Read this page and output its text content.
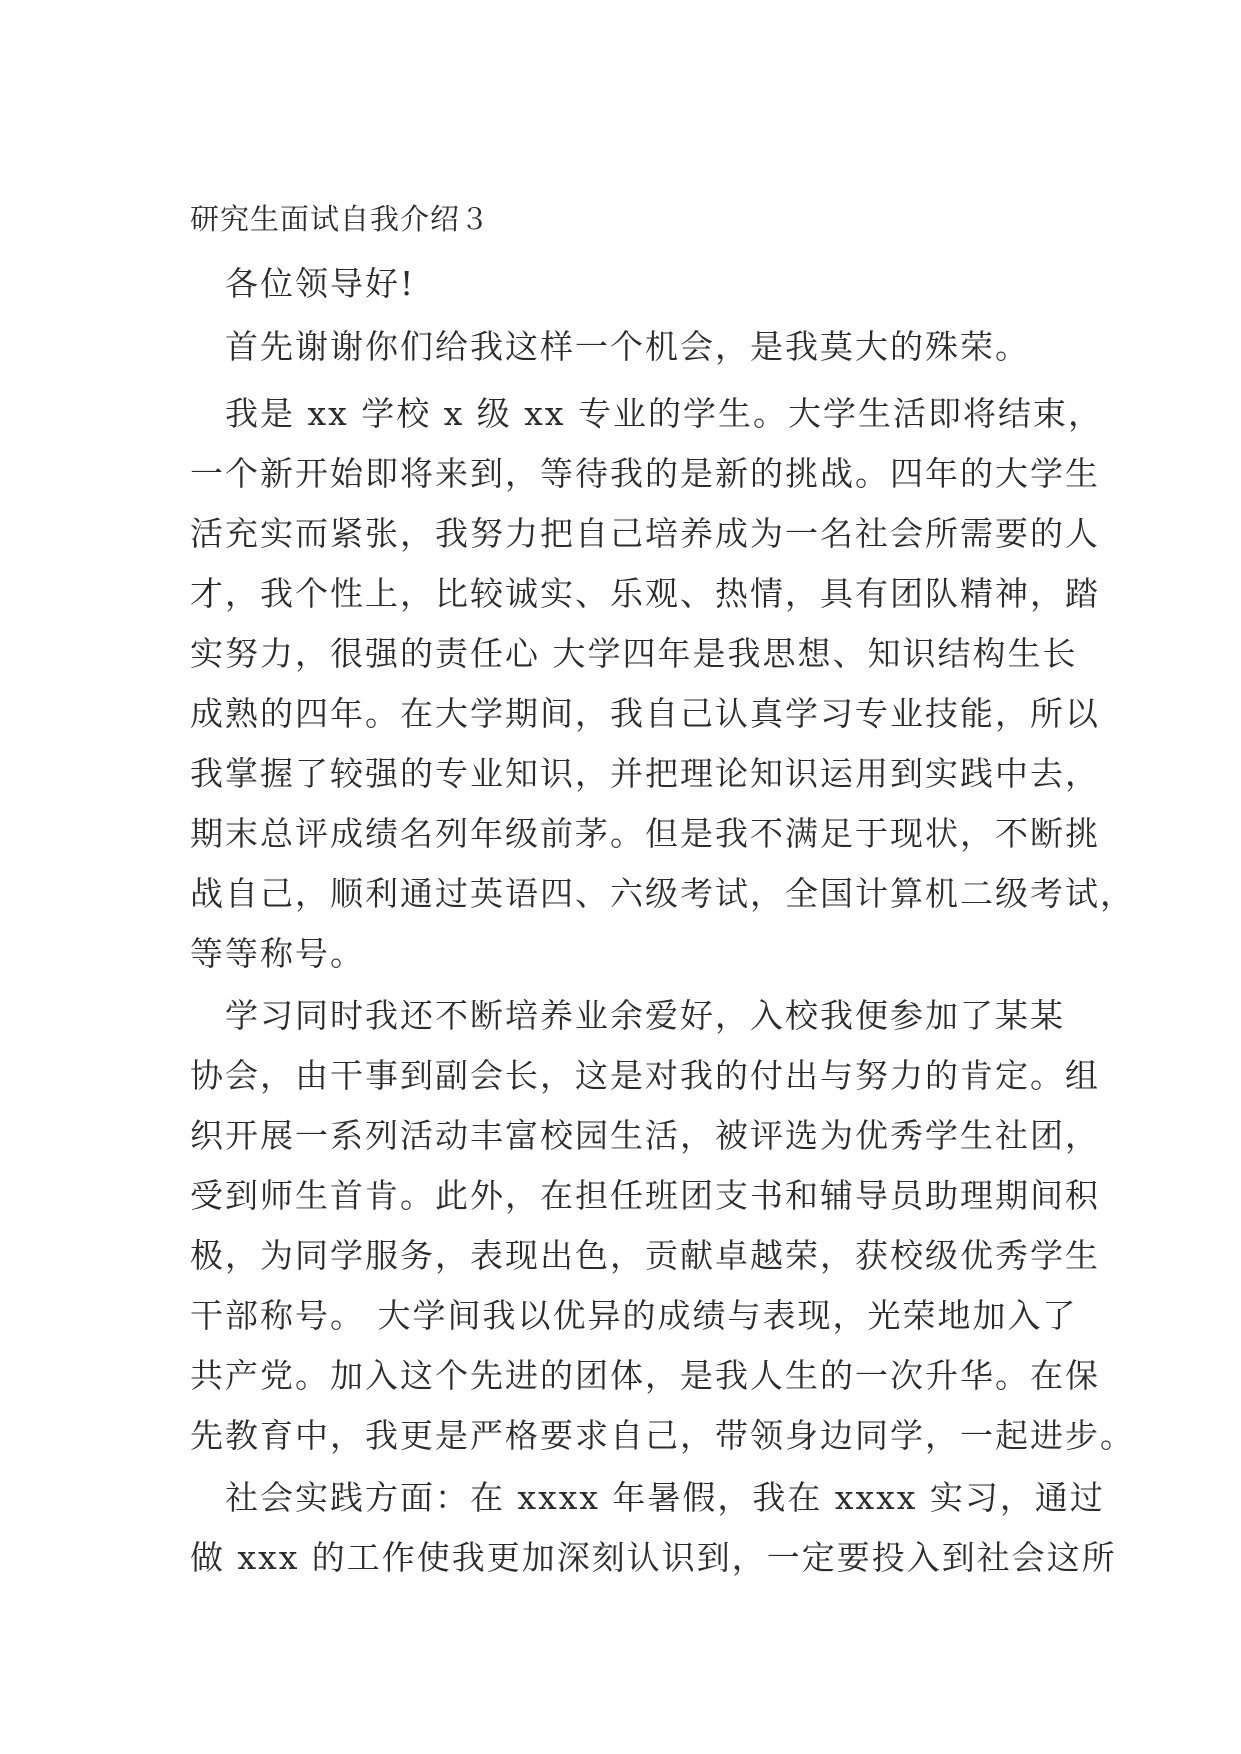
研究生面试自我介绍３

　各位领导好!

　首先谢谢你们给我这样一个机会，是我莫大的殊荣。

　我是 xx 学校 x 级 xx 专业的学生。大学生活即将结束，

一个新开始即将来到，等待我的是新的挑战。四年的大学生

活充实而紧张，我努力把自己培养成为一名社会所需要的人

才，我个性上，比较诚实、乐观、热情，具有团队精神，踏

实努力，很强的责任心 大学四年是我思想、知识结构生长

成熟的四年。在大学期间，我自己认真学习专业技能，所以

我掌握了较强的专业知识，并把理论知识运用到实践中去，

期末总评成绩名列年级前茅。但是我不满足于现状，不断挑

战自己，顺利通过英语四、六级考试，全国计算机二级考试，

等等称号。

　学习同时我还不断培养业余爱好，入校我便参加了某某

协会，由干事到副会长，这是对我的付出与努力的肯定。组

织开展一系列活动丰富校园生活，被评选为优秀学生社团，

受到师生首肯。此外，在担任班团支书和辅导员助理期间积

极，为同学服务，表现出色，贡献卓越荣，获校级优秀学生

干部称号。 大学间我以优异的成绩与表现，光荣地加入了

共产党。加入这个先进的团体，是我人生的一次升华。在保

先教育中，我更是严格要求自己，带领身边同学，一起进步。

　社会实践方面：在 xxxx 年暑假，我在 xxxx 实习，通过

做 xxx 的工作使我更加深刻认识到，一定要投入到社会这所
